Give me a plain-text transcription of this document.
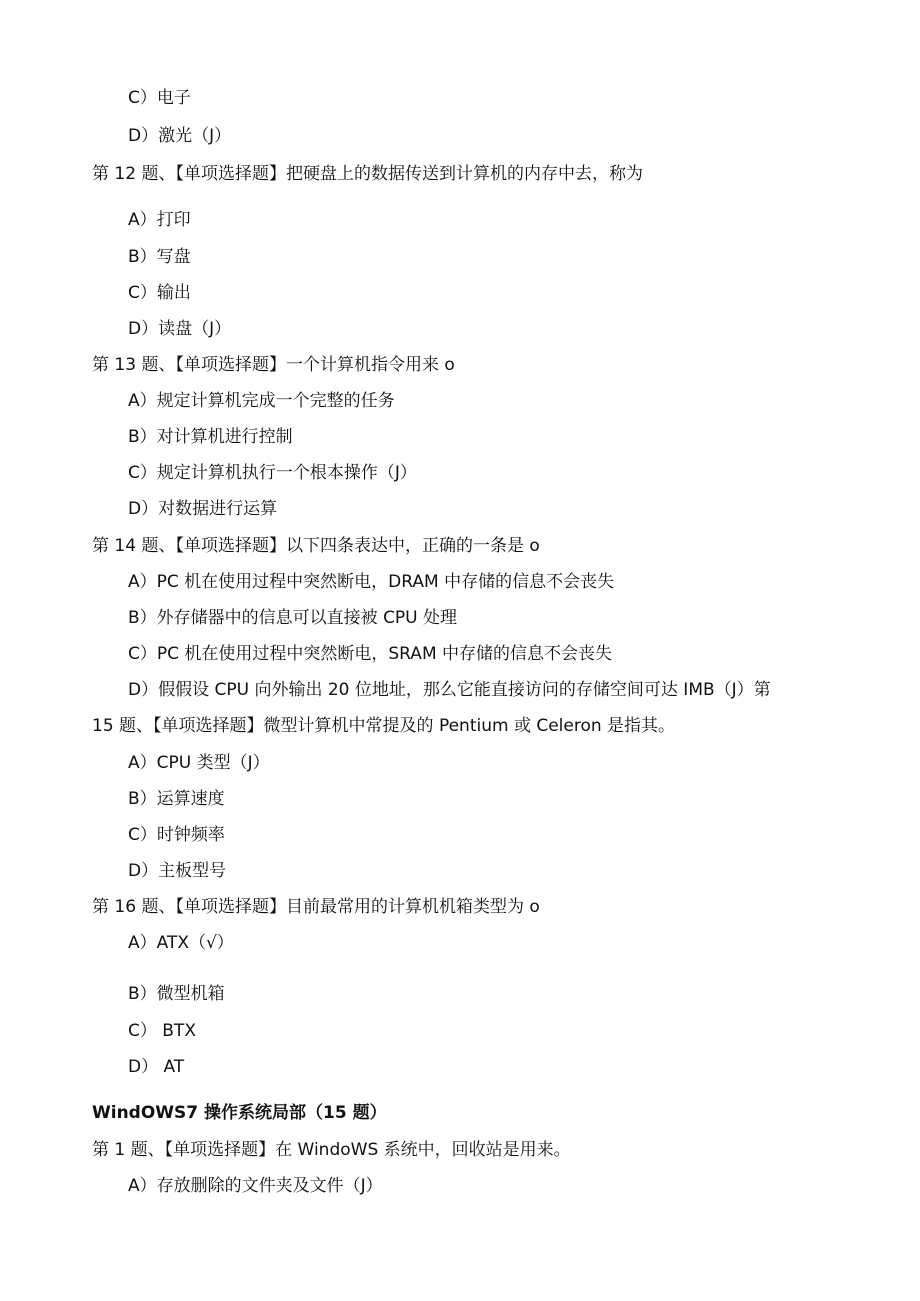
C）电子
D）激光（J）
第 12 题、【单项选择题】把硬盘上的数据传送到计算机的内存中去，称为
A）打印
B）写盘
C）输出
D）读盘（J）
第 13 题、【单项选择题】一个计算机指令用来 o
A）规定计算机完成一个完整的任务
B）对计算机进行控制
C）规定计算机执行一个根本操作（J）
D）对数据进行运算
第 14 题、【单项选择题】以下四条表达中，正确的一条是 o
A）PC 机在使用过程中突然断电，DRAM 中存储的信息不会丧失
B）外存储器中的信息可以直接被 CPU 处理
C）PC 机在使用过程中突然断电，SRAM 中存储的信息不会丧失
D）假假设 CPU 向外输出 20 位地址，那么它能直接访问的存储空间可达 IMB（J）第
15 题、【单项选择题】微型计算机中常提及的 Pentium 或 Celeron 是指其。
A）CPU 类型（J）
B）运算速度
C）时钟频率
D）主板型号
第 16 题、【单项选择题】目前最常用的计算机机箱类型为 o
A）ATX（√）
B）微型机箱
C） BTX
D） AT
WindOWS7 操作系统局部（15 题）
第 1 题、【单项选择题】在 WindoWS 系统中，回收站是用来。
A）存放删除的文件夹及文件（J）
